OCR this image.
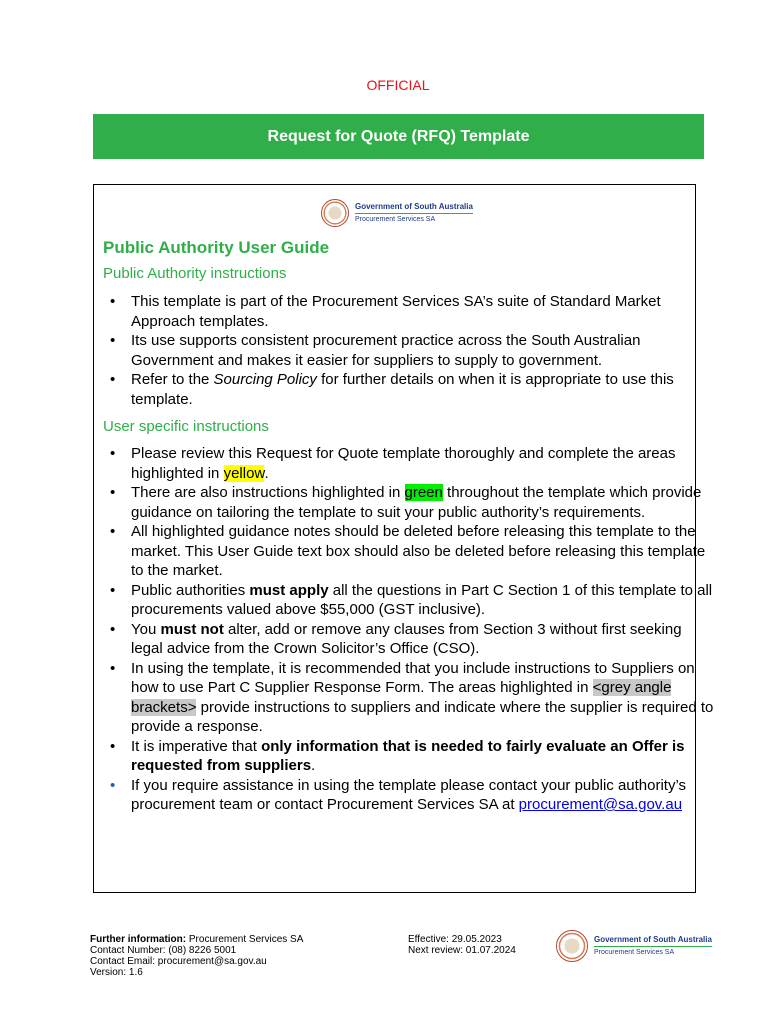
OFFICIAL
Request for Quote (RFQ) Template
Government of South Australia
Procurement Services SA

Public Authority User Guide

Public Authority instructions

• This template is part of the Procurement Services SA’s suite of Standard Market Approach templates.
• Its use supports consistent procurement practice across the South Australian Government and makes it easier for suppliers to supply to government.
• Refer to the Sourcing Policy for further details on when it is appropriate to use this template.

User specific instructions

• Please review this Request for Quote template thoroughly and complete the areas highlighted in yellow.
• There are also instructions highlighted in green throughout the template which provide guidance on tailoring the template to suit your public authority’s requirements.
• All highlighted guidance notes should be deleted before releasing this template to the market. This User Guide text box should also be deleted before releasing this template to the market.
• Public authorities must apply all the questions in Part C Section 1 of this template to all procurements valued above $55,000 (GST inclusive).
• You must not alter, add or remove any clauses from Section 3 without first seeking legal advice from the Crown Solicitor’s Office (CSO).
• In using the template, it is recommended that you include instructions to Suppliers on how to use Part C Supplier Response Form. The areas highlighted in <grey angle brackets> provide instructions to suppliers and indicate where the supplier is required to provide a response.
• It is imperative that only information that is needed to fairly evaluate an Offer is requested from suppliers.
• If you require assistance in using the template please contact your public authority’s procurement team or contact Procurement Services SA at procurement@sa.gov.au
Further information: Procurement Services SA
Contact Number: (08) 8226 5001
Contact Email: procurement@sa.gov.au
Version: 1.6
Effective: 29.05.2023
Next review: 01.07.2024
Government of South Australia
Procurement Services SA
